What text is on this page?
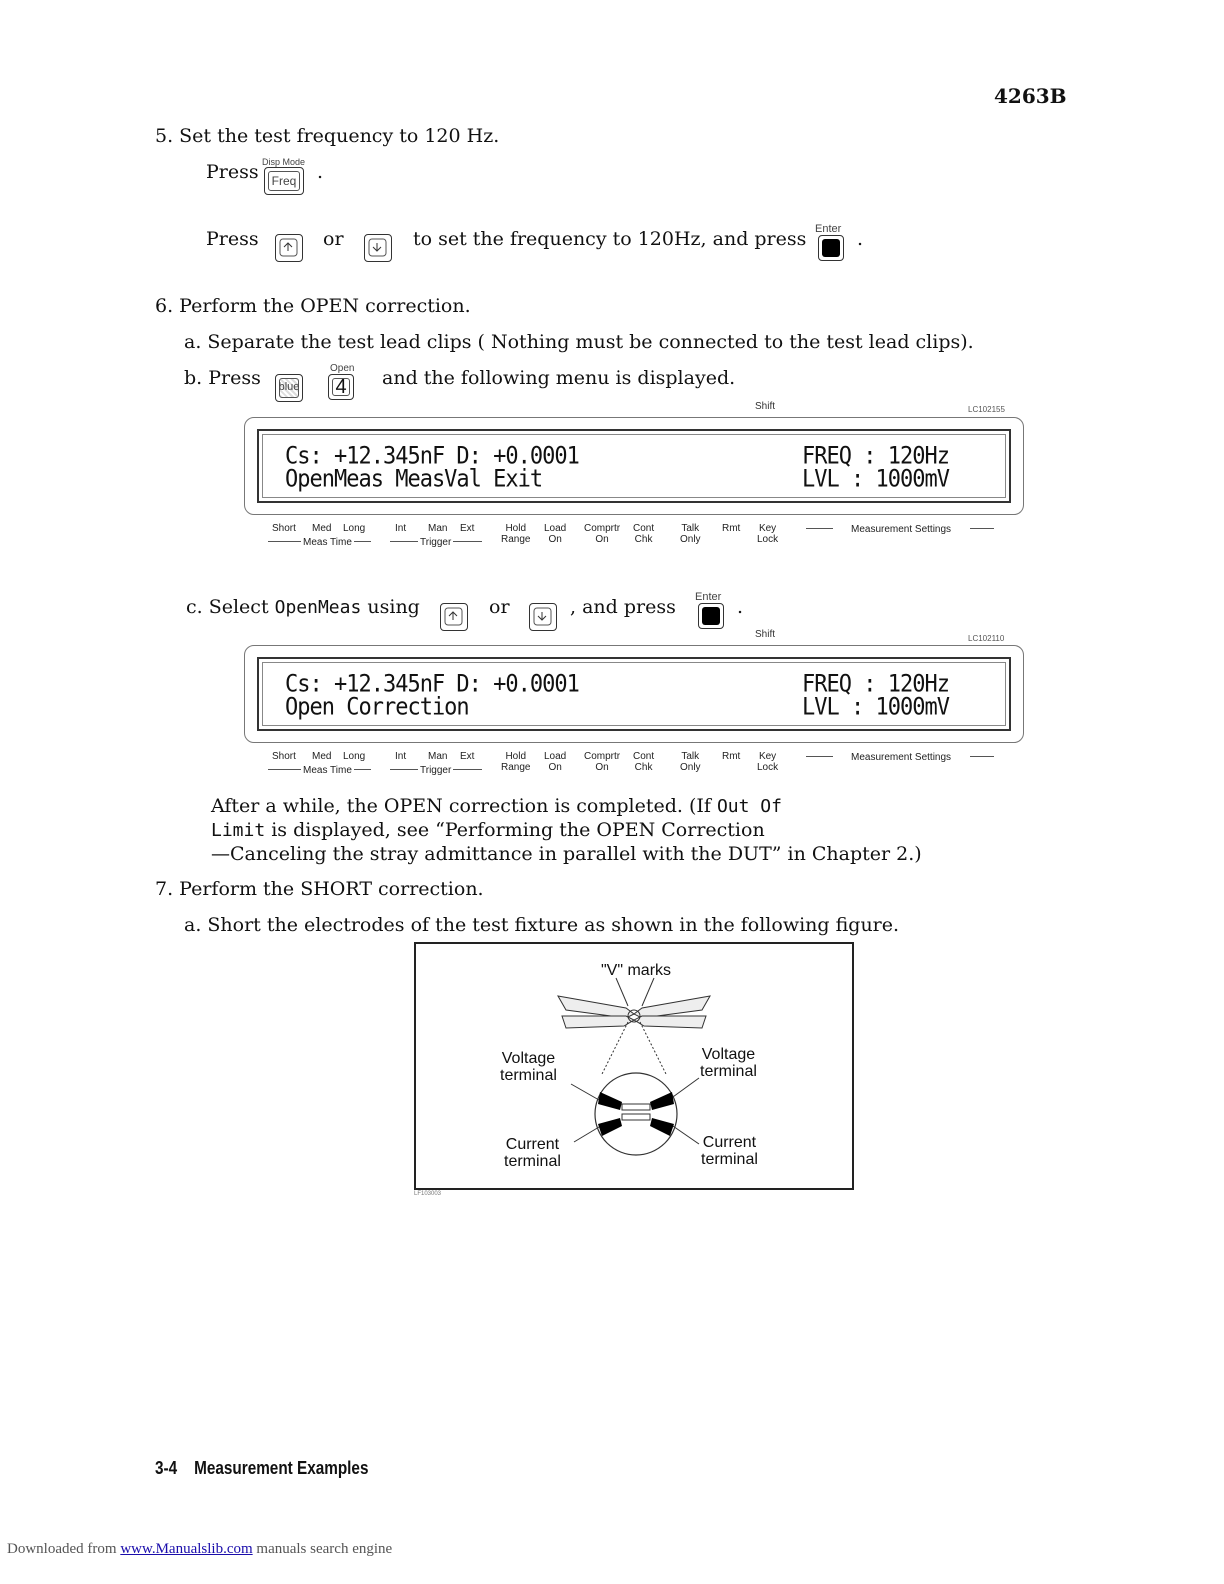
4263B
5. Set the test frequency to 120 Hz.
Press Disp Mode
Freq	.
Press	or	to set the frequency to 120Hz, and press Enter .
6. Perform the OPEN correction.
a. Separate the test lead clips ( Nothing must be connected to the test lead clips).
b. Press blue
Open
4	and the following menu is displayed.
Shift	LC102155
Cs: +12.345nF D: +0.0001
OpenMeas MeasVal Exit
FREQ : 120Hz
LVL : 1000mV
Short Med Long
Meas Time
Int Man Ext
Trigger
Hold
Range
Load
On
Comprtr
On
Cont
Chk
Talk
Only
Rmt Key
Lock
Measurement Settings
c. Select OpenMeas using	or	, and press Enter .
Shift	LC102110
Cs: +12.345nF D: +0.0001
Open Correction
FREQ : 120Hz
LVL : 1000mV
Short Med Long
Meas Time
Int Man Ext
Trigger
Hold
Range
Load
On
Comprtr
On
Cont
Chk
Talk
Only
Rmt Key
Lock
Measurement Settings
After a while, the OPEN correction is completed. (If Out Of
Limit is displayed, see “Performing the OPEN Correction
—Canceling the stray admittance in parallel with the DUT” in Chapter 2.)
7. Perform the SHORT correction.
a. Short the electrodes of the test fixture as shown in the following figure.
"V" marks
Voltage
terminal
Voltage
terminal
Current
terminal
Current
terminal
LF103003
3-4 Measurement Examples
Downloaded from www.Manualslib.com manuals search engine
